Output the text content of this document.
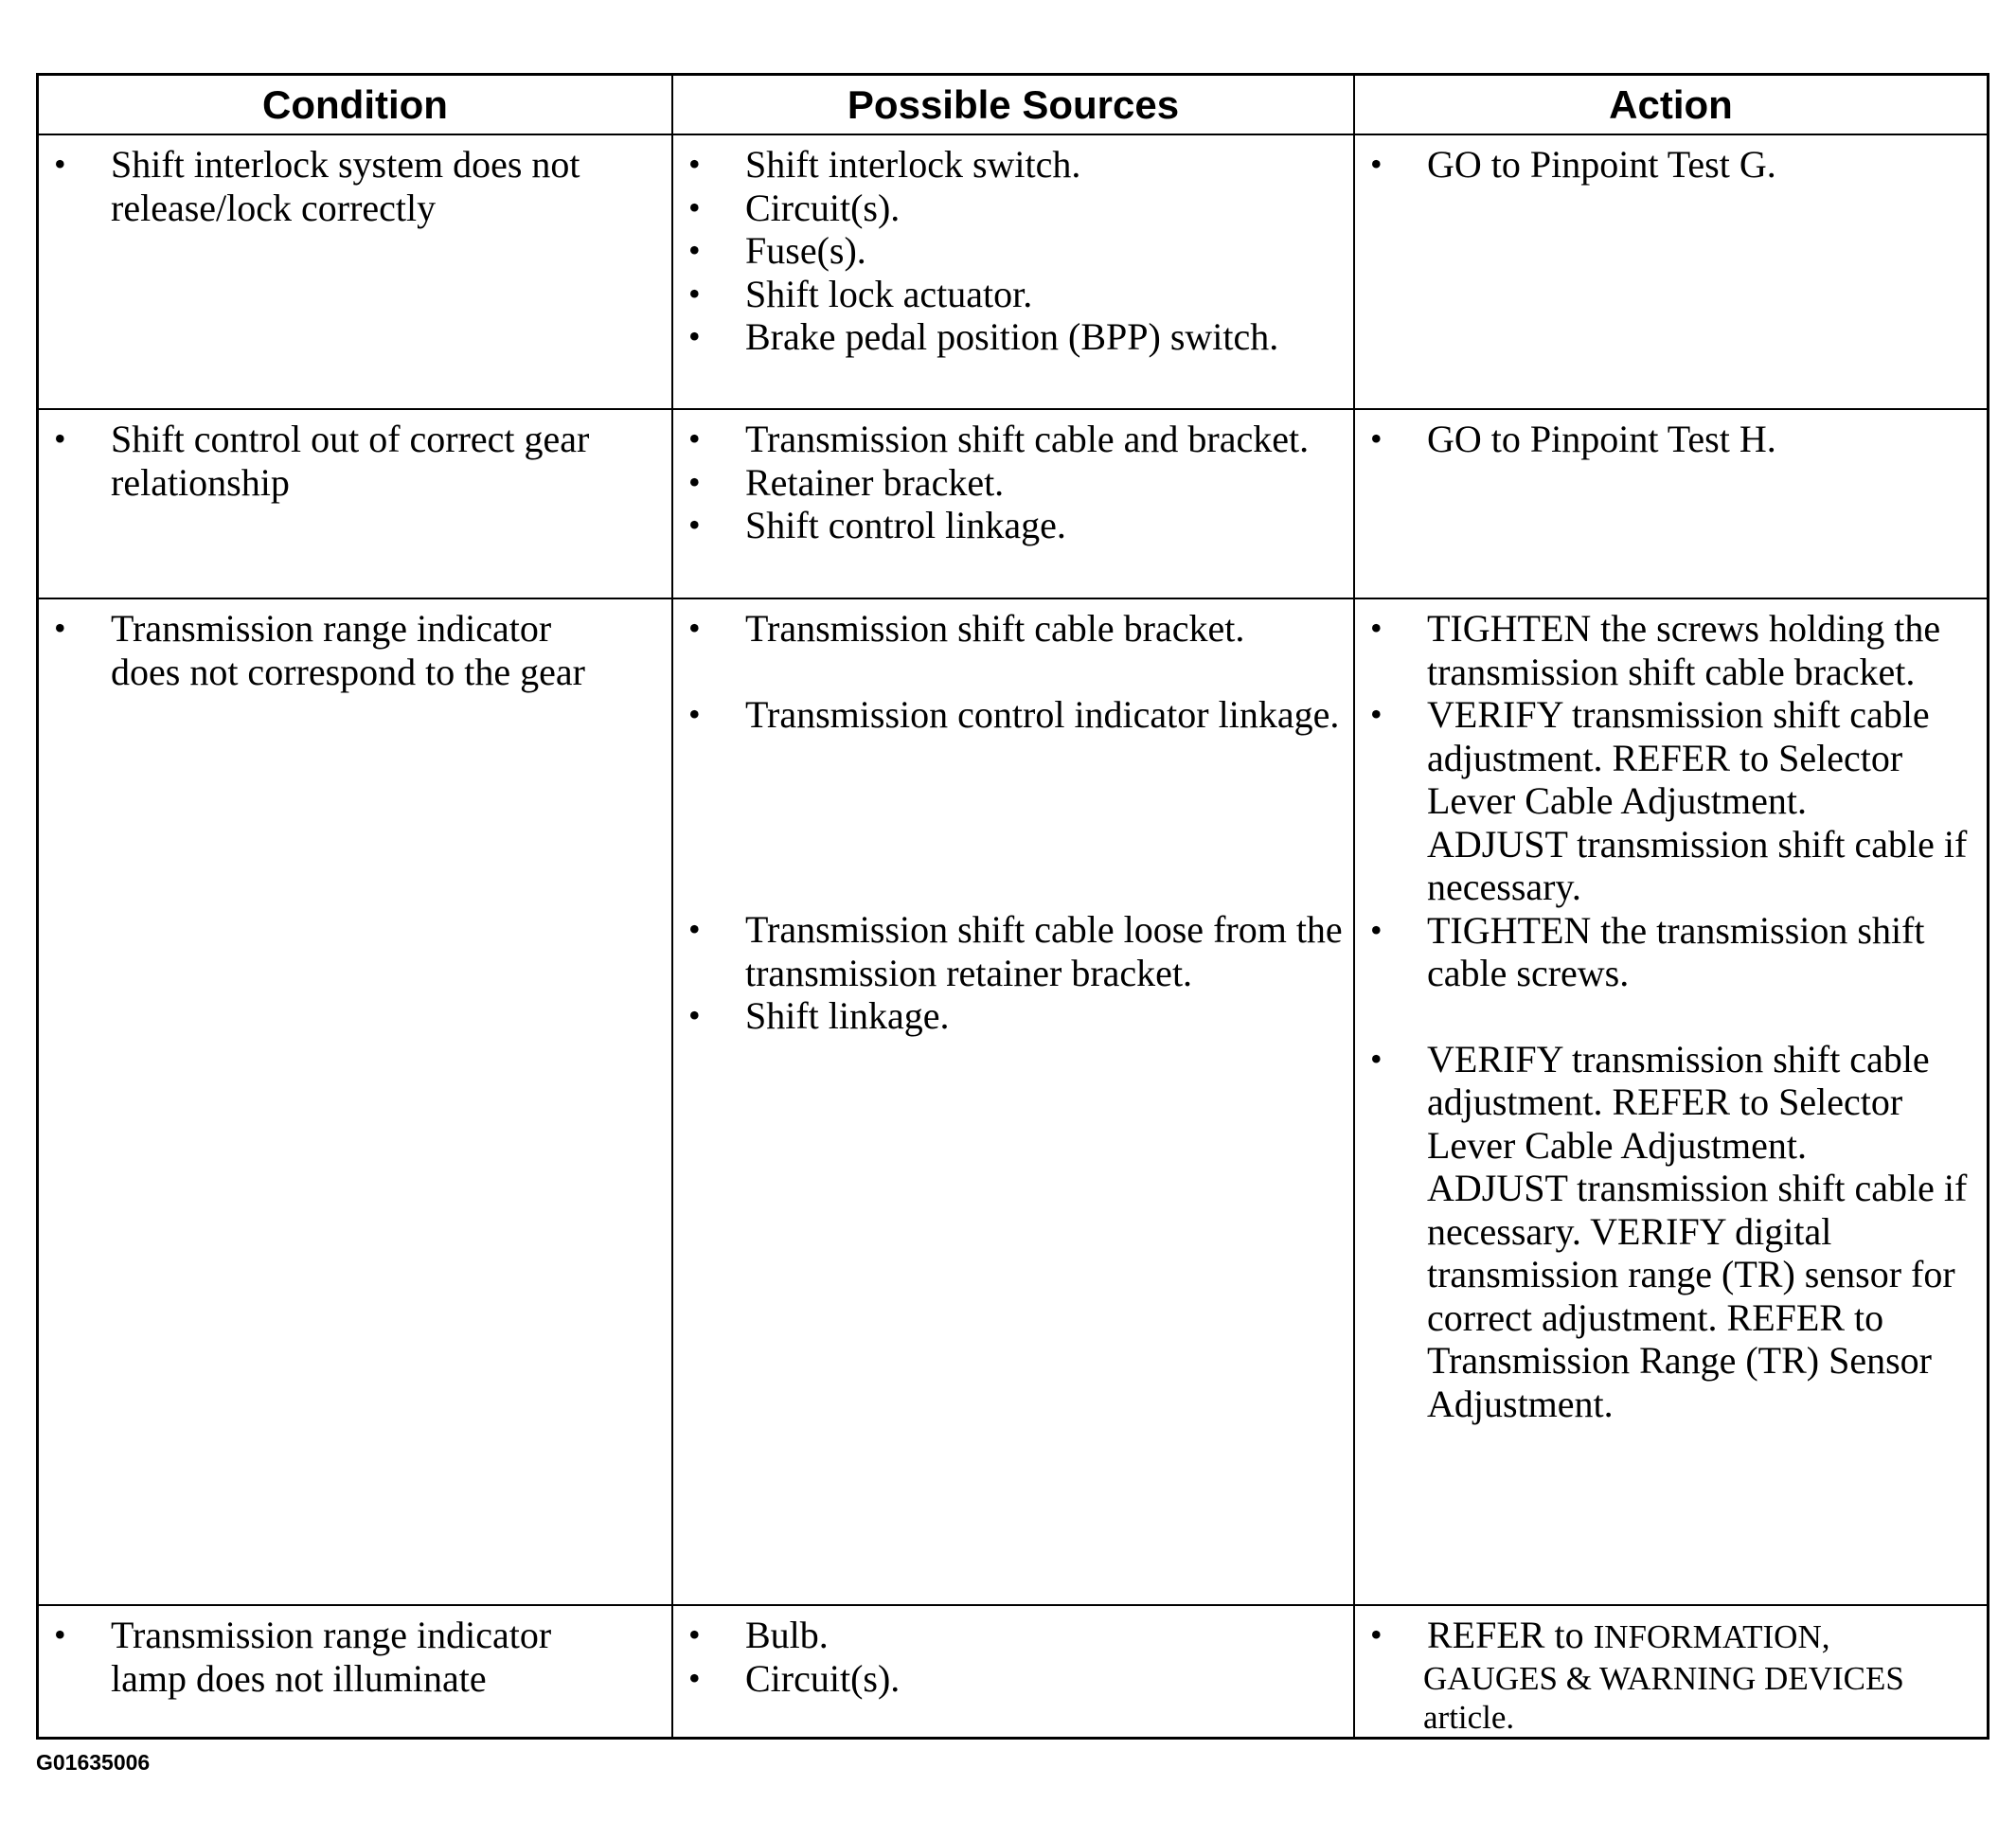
Condition	Possible Sources	Action
• Shift interlock system does not release/lock correctly
• Shift interlock switch.
• Circuit(s).
• Fuse(s).
• Shift lock actuator.
• Brake pedal position (BPP) switch.
• GO to Pinpoint Test G.
• Shift control out of correct gear relationship
• Transmission shift cable and bracket.
• Retainer bracket.
• Shift control linkage.
• GO to Pinpoint Test H.
• Transmission range indicator does not correspond to the gear
• Transmission shift cable bracket.
• Transmission control indicator linkage.
• Transmission shift cable loose from the transmission retainer bracket.
• Shift linkage.
• TIGHTEN the screws holding the transmission shift cable bracket.
• VERIFY transmission shift cable adjustment. REFER to Selector Lever Cable Adjustment.
ADJUST transmission shift cable if necessary.
• TIGHTEN the transmission shift cable screws.
• VERIFY transmission shift cable adjustment. REFER to Selector Lever Cable Adjustment.
ADJUST transmission shift cable if necessary. VERIFY digital transmission range (TR) sensor for correct adjustment. REFER to Transmission Range (TR) Sensor Adjustment.
• Transmission range indicator lamp does not illuminate
• Bulb.
• Circuit(s).
• REFER to INFORMATION,
GAUGES & WARNING DEVICES
article.
G01635006
